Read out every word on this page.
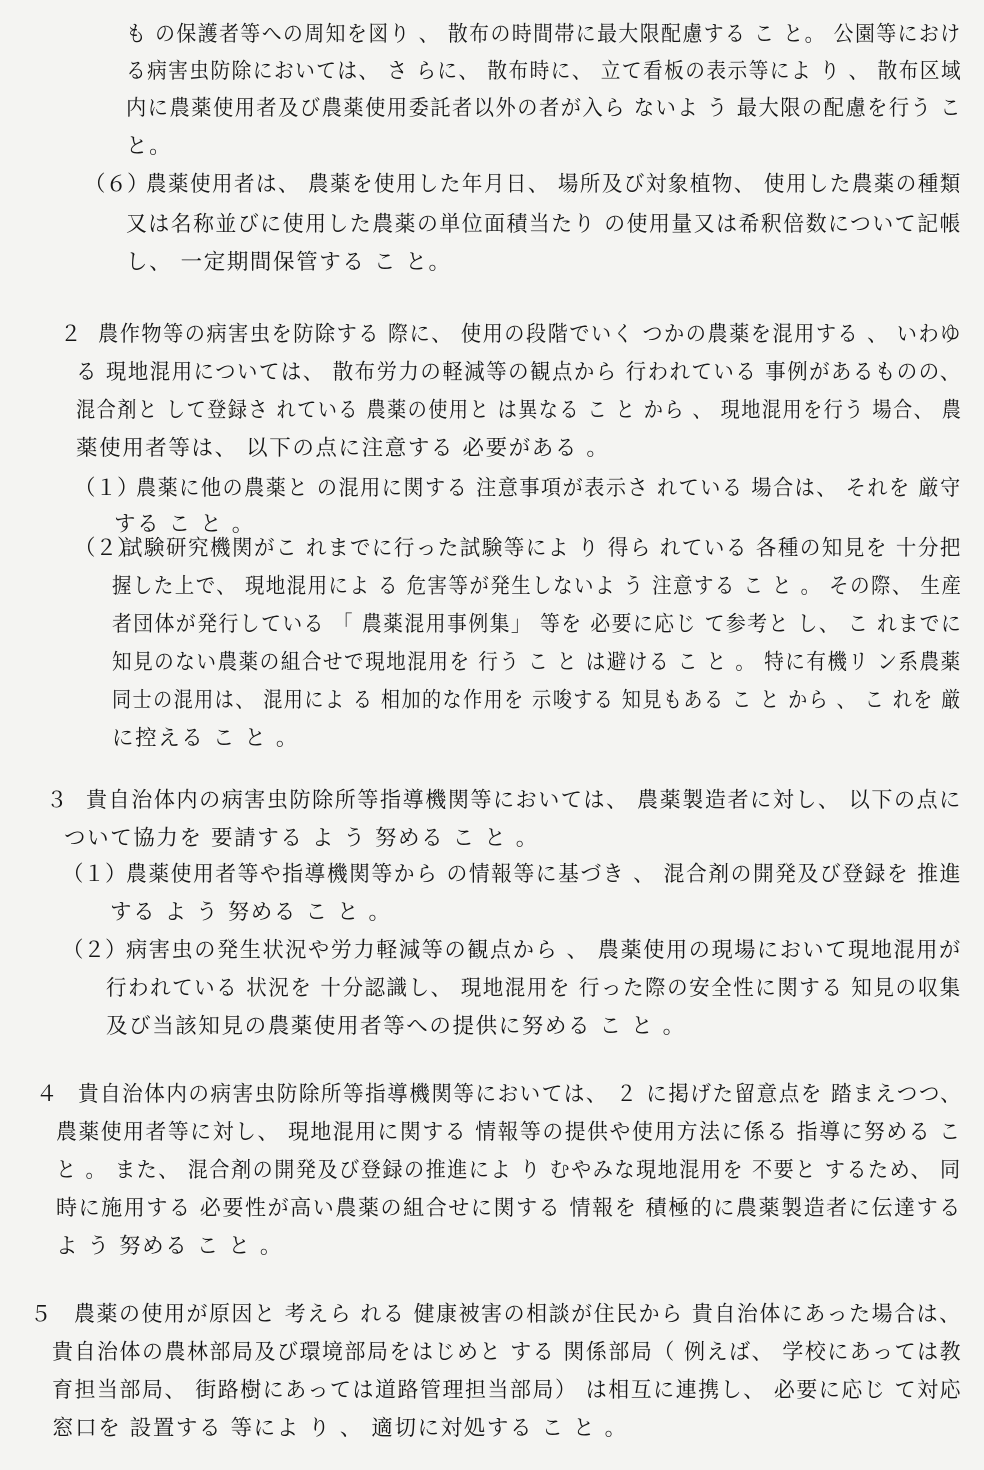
も の保護者等への周知を図り 、 散布の時間帯に最大限配慮する こ と。 公園等におけ
る病害虫防除においては、 さ らに、 散布時に、 立て看板の表示等によ り 、 散布区域
内に農薬使用者及び農薬使用委託者以外の者が入ら ないよ う 最大限の配慮を行う こ
と。
（６）
農薬使用者は、 農薬を使用した年月日、 場所及び対象植物、 使用した農薬の種類
又は名称並びに使用した農薬の単位面積当たり の使用量又は希釈倍数について記帳
し、 一定期間保管する こ と。
２ 農作物等の病害虫を防除する 際に、 使用の段階でいく つかの農薬を混用する 、 いわゆ
る 現地混用については、 散布労力の軽減等の観点から 行われている 事例があるものの、
混合剤と して登録さ れている 農薬の使用と は異なる こ と から 、 現地混用を行う 場合、 農
薬使用者等は、 以下の点に注意する 必要がある 。
（１）
農薬に他の農薬と の混用に関する 注意事項が表示さ れている 場合は、 それを 厳守
する こ と 。
（２）
試験研究機関がこ れまでに行った試験等によ り 得ら れている 各種の知見を 十分把
握した上で、 現地混用によ る 危害等が発生しないよ う 注意する こ と 。 その際、 生産
者団体が発行している 「 農薬混用事例集」 等を 必要に応じ て参考と し、 こ れまでに
知見のない農薬の組合せで現地混用を 行う こ と は避ける こ と 。 特に有機リ ン系農薬
同士の混用は、 混用によ る 相加的な作用を 示唆する 知見もある こ と から 、 こ れを 厳
に控える こ と 。
３ 貴自治体内の病害虫防除所等指導機関等においては、 農薬製造者に対し、 以下の点に
ついて協力を 要請する よ う 努める こ と 。
（１） 農薬使用者等や指導機関等から の情報等に基づき 、 混合剤の開発及び登録を 推進
する よ う 努める こ と 。
（２） 病害虫の発生状況や労力軽減等の観点から 、 農薬使用の現場において現地混用が
行われている 状況を 十分認識し、 現地混用を 行った際の安全性に関する 知見の収集
及び当該知見の農薬使用者等への提供に努める こ と 。
４ 貴自治体内の病害虫防除所等指導機関等においては、 ２ に掲げた留意点を 踏まえつつ、
農薬使用者等に対し、 現地混用に関する 情報等の提供や使用方法に係る 指導に努める こ
と 。 また、 混合剤の開発及び登録の推進によ り むやみな現地混用を 不要と するため、 同
時に施用する 必要性が高い農薬の組合せに関する 情報を 積極的に農薬製造者に伝達する
よ う 努める こ と 。
５ 農薬の使用が原因と 考えら れる 健康被害の相談が住民から 貴自治体にあった場合は、
貴自治体の農林部局及び環境部局をはじめと する 関係部局（ 例えば、 学校にあっては教
育担当部局、 街路樹にあっては道路管理担当部局） は相互に連携し、 必要に応じ て対応
窓口を 設置する 等によ り 、 適切に対処する こ と 。
